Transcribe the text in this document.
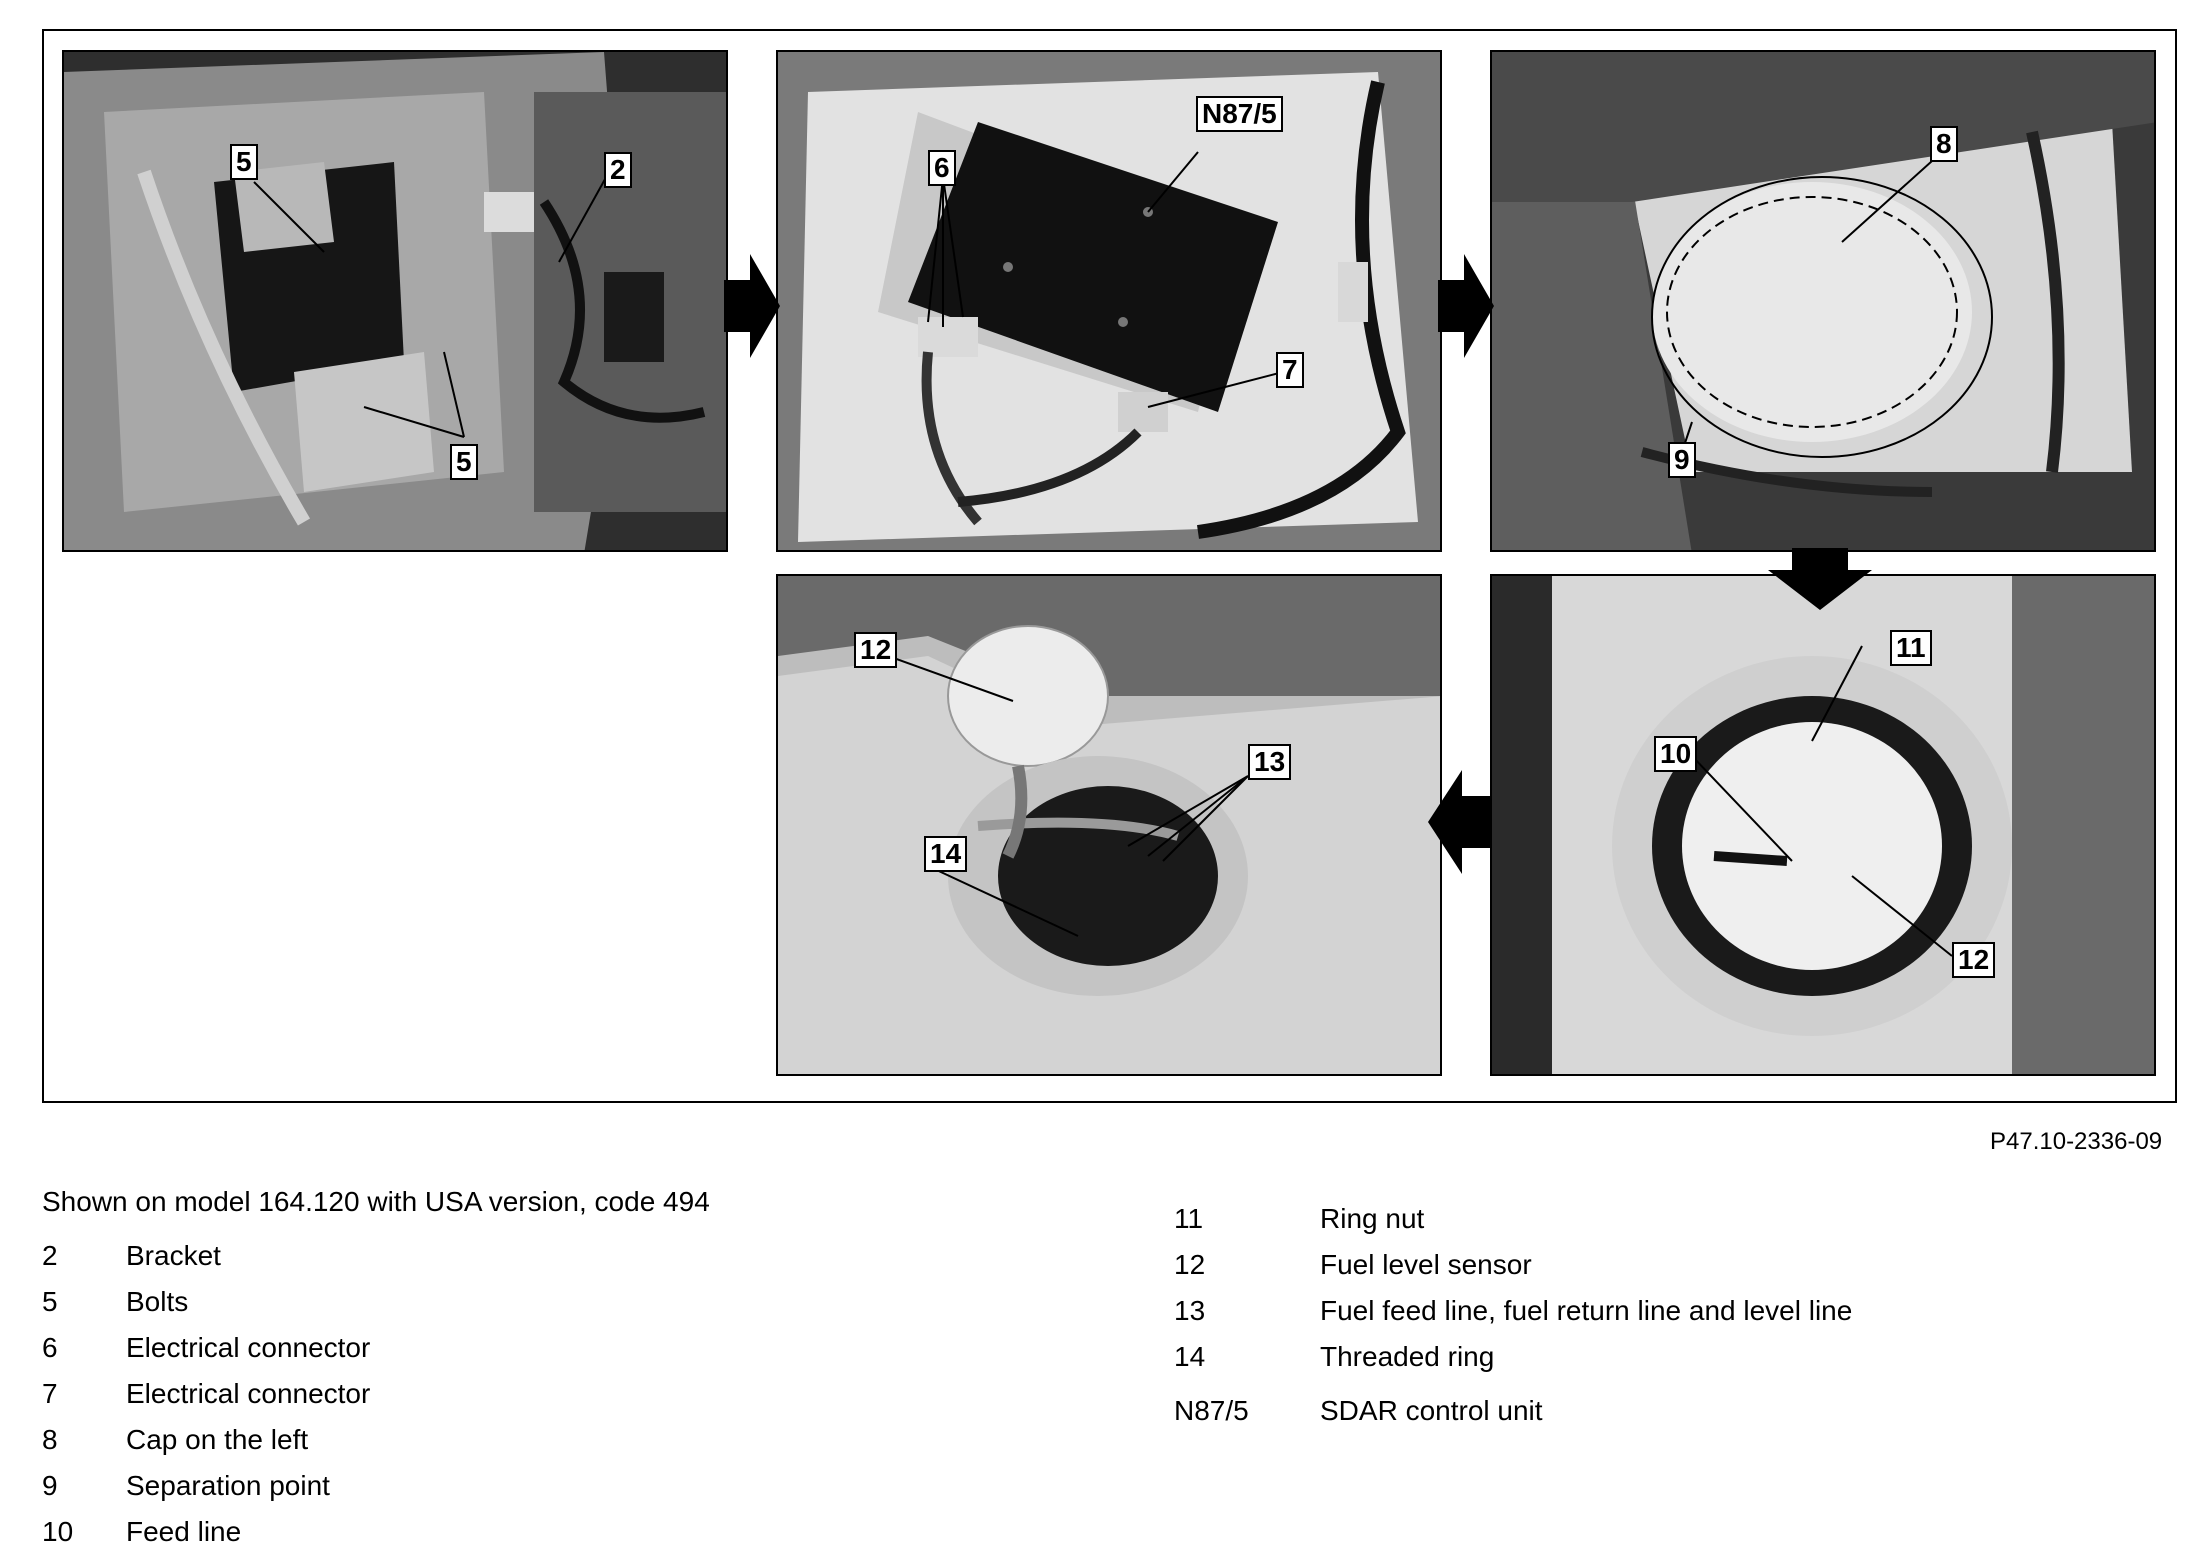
5	2
5
6
N87/5
7
8
9
11
10
12
12
13
14
P47.10-2336-09
Shown on model 164.120 with USA version, code 494
2 Bracket
5 Bolts
6 Electrical connector
7 Electrical connector
8 Cap on the left
9 Separation point
10 Feed line
11	Ring nut
12	Fuel level sensor
13	Fuel feed line, fuel return line and level line
14	Threaded ring
N87/5	SDAR control unit
